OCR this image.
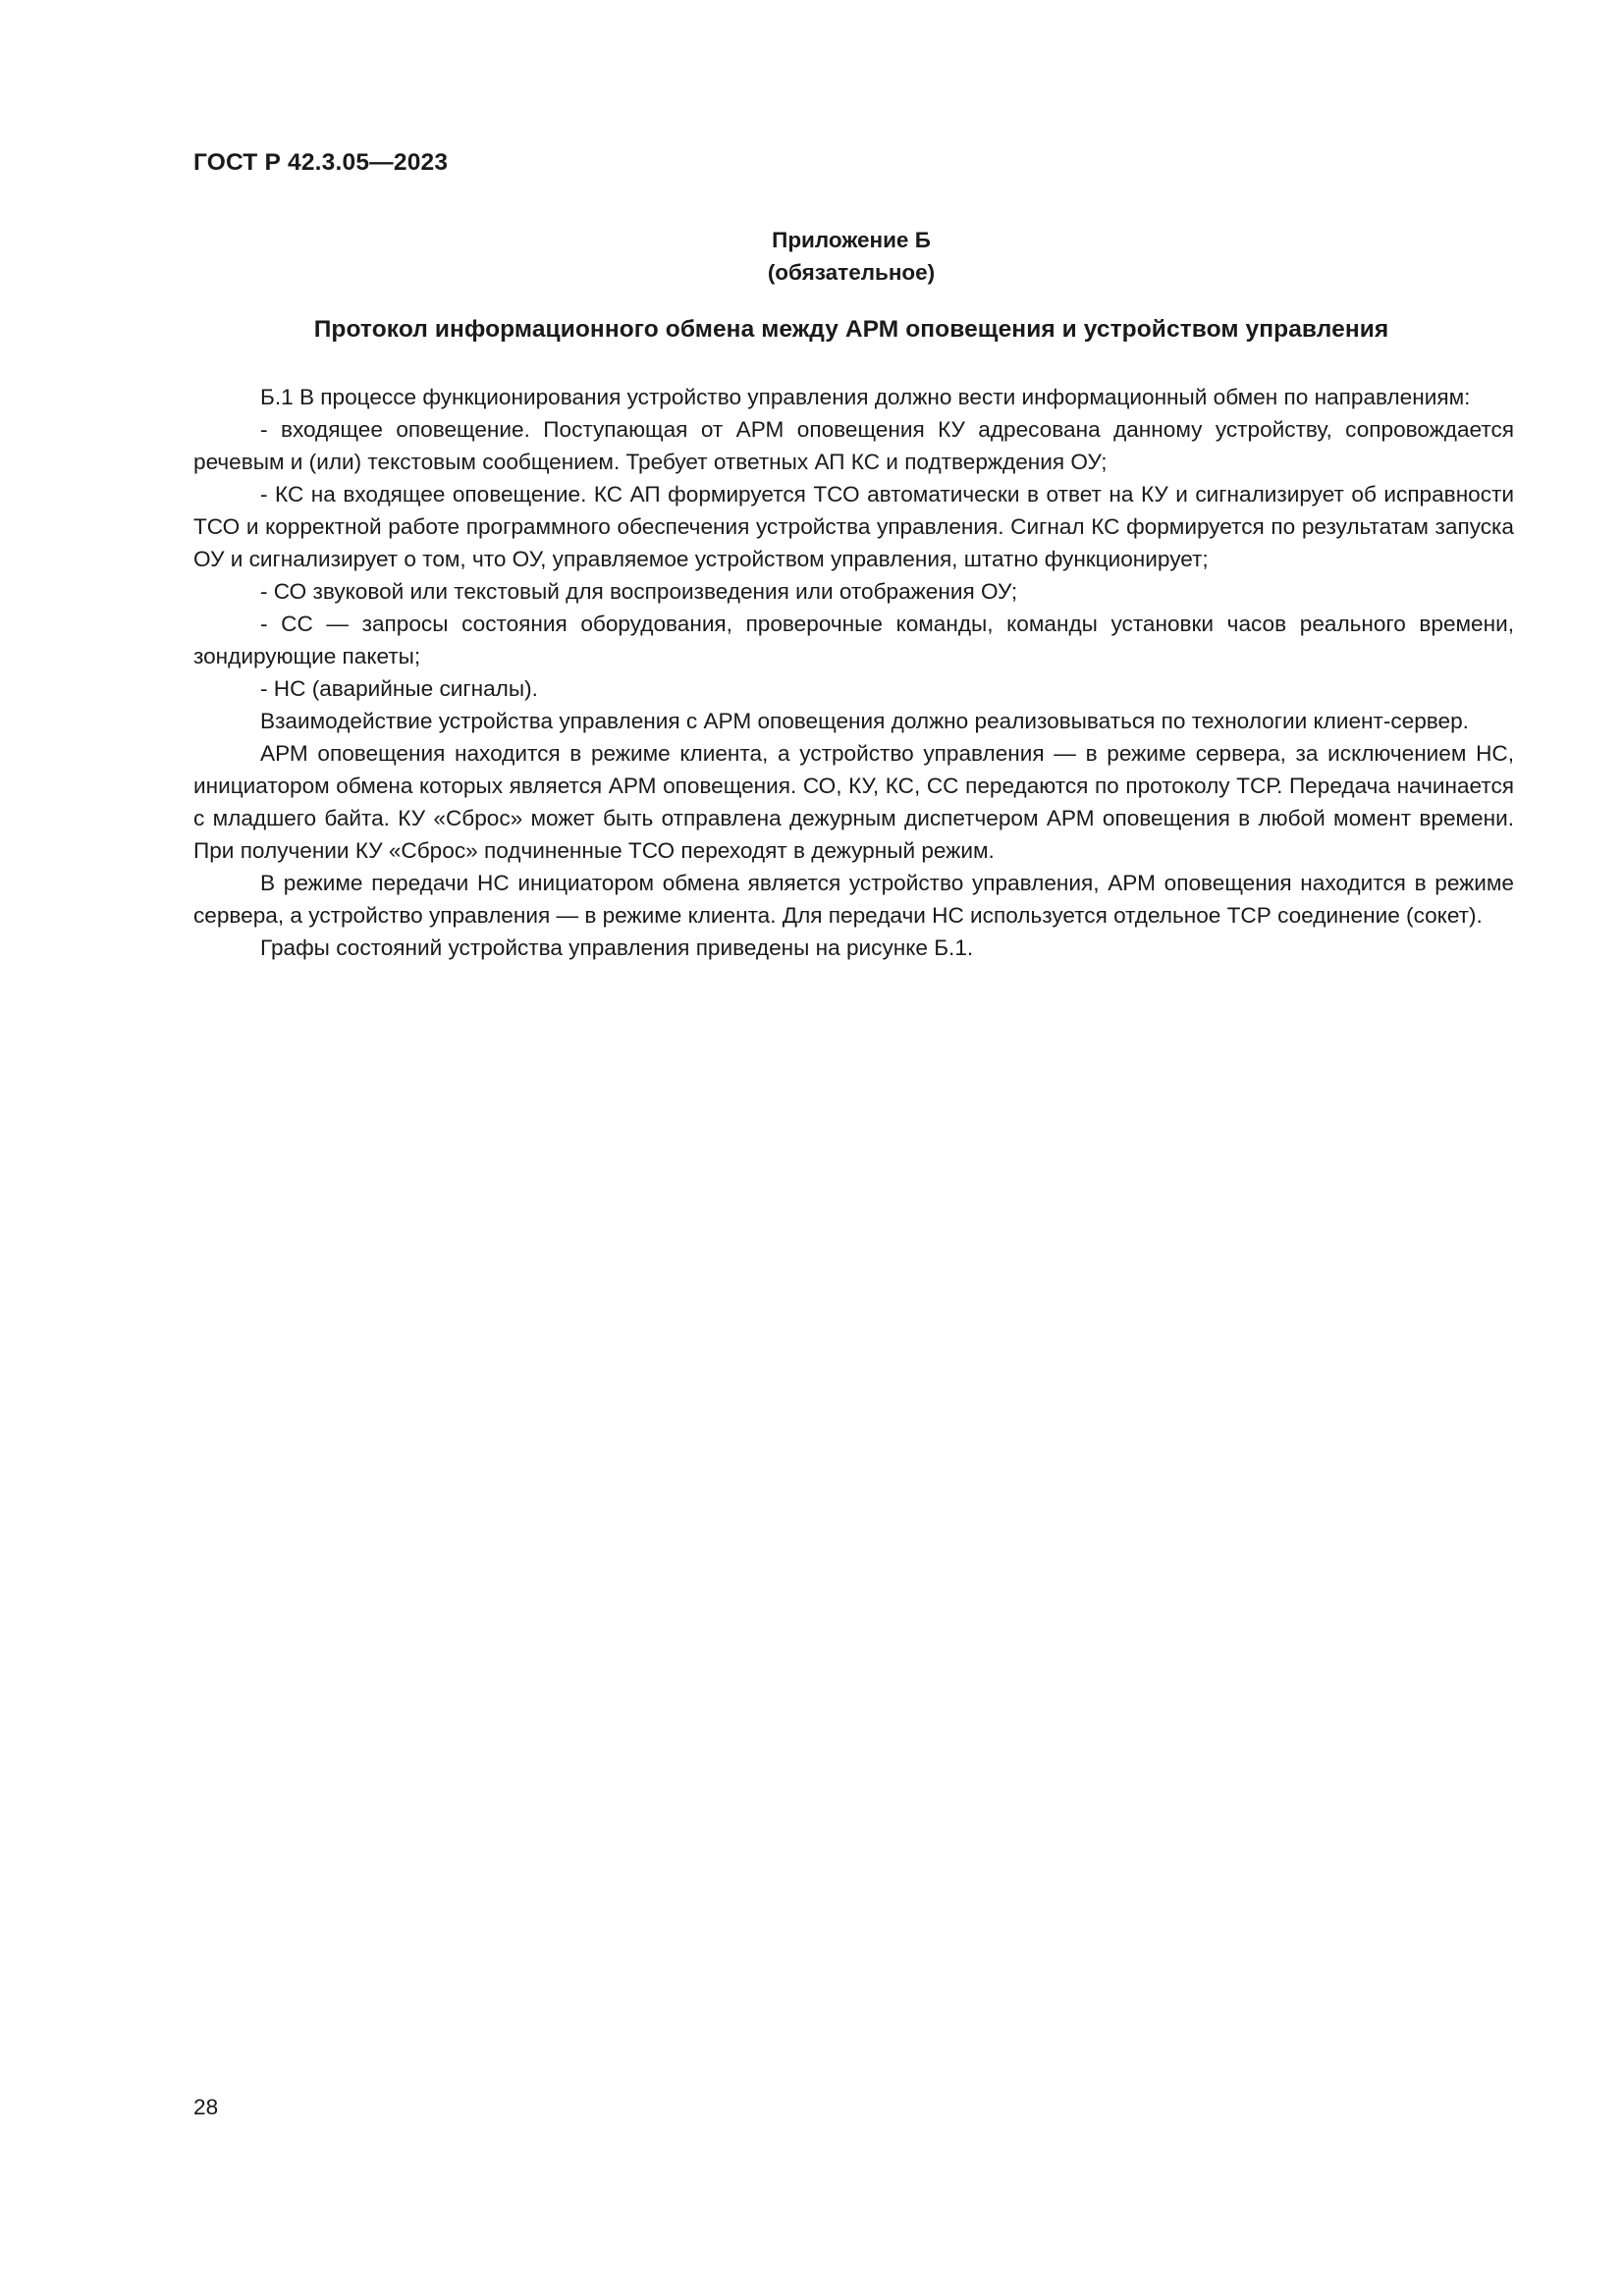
ГОСТ Р 42.3.05—2023
Приложение Б
(обязательное)
Протокол информационного обмена между АРМ оповещения и устройством управления

Б.1 В процессе функционирования устройство управления должно вести информационный обмен по направлениям:

- входящее оповещение. Поступающая от АРМ оповещения КУ адресована данному устройству, сопровождается речевым и (или) текстовым сообщением. Требует ответных АП КС и подтверждения ОУ;

- КС на входящее оповещение. КС АП формируется ТСО автоматически в ответ на КУ и сигнализирует об исправности ТСО и корректной работе программного обеспечения устройства управления. Сигнал КС формируется по результатам запуска ОУ и сигнализирует о том, что ОУ, управляемое устройством управления, штатно функционирует;

- СО звуковой или текстовый для воспроизведения или отображения ОУ;

- СС — запросы состояния оборудования, проверочные команды, команды установки часов реального времени, зондирующие пакеты;

- НС (аварийные сигналы).

Взаимодействие устройства управления с АРМ оповещения должно реализовываться по технологии клиент-сервер.

АРМ оповещения находится в режиме клиента, а устройство управления — в режиме сервера, за исключением НС, инициатором обмена которых является АРМ оповещения. СО, КУ, КС, СС передаются по протоколу ТСР. Передача начинается с младшего байта. КУ «Сброс» может быть отправлена дежурным диспетчером АРМ оповещения в любой момент времени. При получении КУ «Сброс» подчиненные ТСО переходят в дежурный режим.

В режиме передачи НС инициатором обмена является устройство управления, АРМ оповещения находится в режиме сервера, а устройство управления — в режиме клиента. Для передачи НС используется отдельное ТСР соединение (сокет).

Графы состояний устройства управления приведены на рисунке Б.1.

28
